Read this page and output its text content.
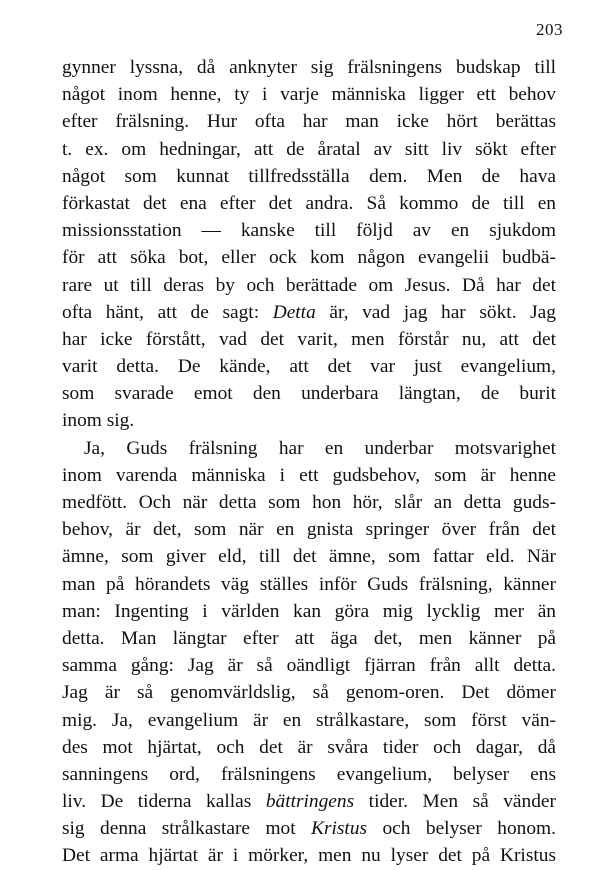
203
gynner lyssna, då anknyter sig frälsningens budskap till
något inom henne, ty i varje människa ligger ett behov
efter frälsning. Hur ofta har man icke hört berättas
t. ex. om hedningar, att de åratal av sitt liv sökt efter
något som kunnat tillfredsställa dem. Men de hava
förkastat det ena efter det andra. Så kommo de till en
missionsstation — kanske till följd av en sjukdom
för att söka bot, eller ock kom någon evangelii budbä-
rare ut till deras by och berättade om Jesus. Då har det
ofta hänt, att de sagt: Detta är, vad jag har sökt. Jag
har icke förstått, vad det varit, men förstår nu, att det
varit detta. De kände, att det var just evangelium,
som svarade emot den underbara längtan, de burit
inom sig.
Ja, Guds frälsning har en underbar motsvarighet
inom varenda människa i ett gudsbehov, som är henne
medfött. Och när detta som hon hör, slår an detta guds-
behov, är det, som när en gnista springer över från det
ämne, som giver eld, till det ämne, som fattar eld. När
man på hörandets väg ställes inför Guds frälsning, känner
man: Ingenting i världen kan göra mig lycklig mer än
detta. Man längtar efter att äga det, men känner på
samma gång: Jag är så oändligt fjärran från allt detta.
Jag är så genomvärldslig, så genom-oren. Det dömer
mig. Ja, evangelium är en strålkastare, som först vän-
des mot hjärtat, och det är svåra tider och dagar, då
sanningens ord, frälsningens evangelium, belyser ens
liv. De tiderna kallas bättringens tider. Men så vänder
sig denna strålkastare mot Kristus och belyser honom.
Det arma hjärtat är i mörker, men nu lyser det på Kristus
